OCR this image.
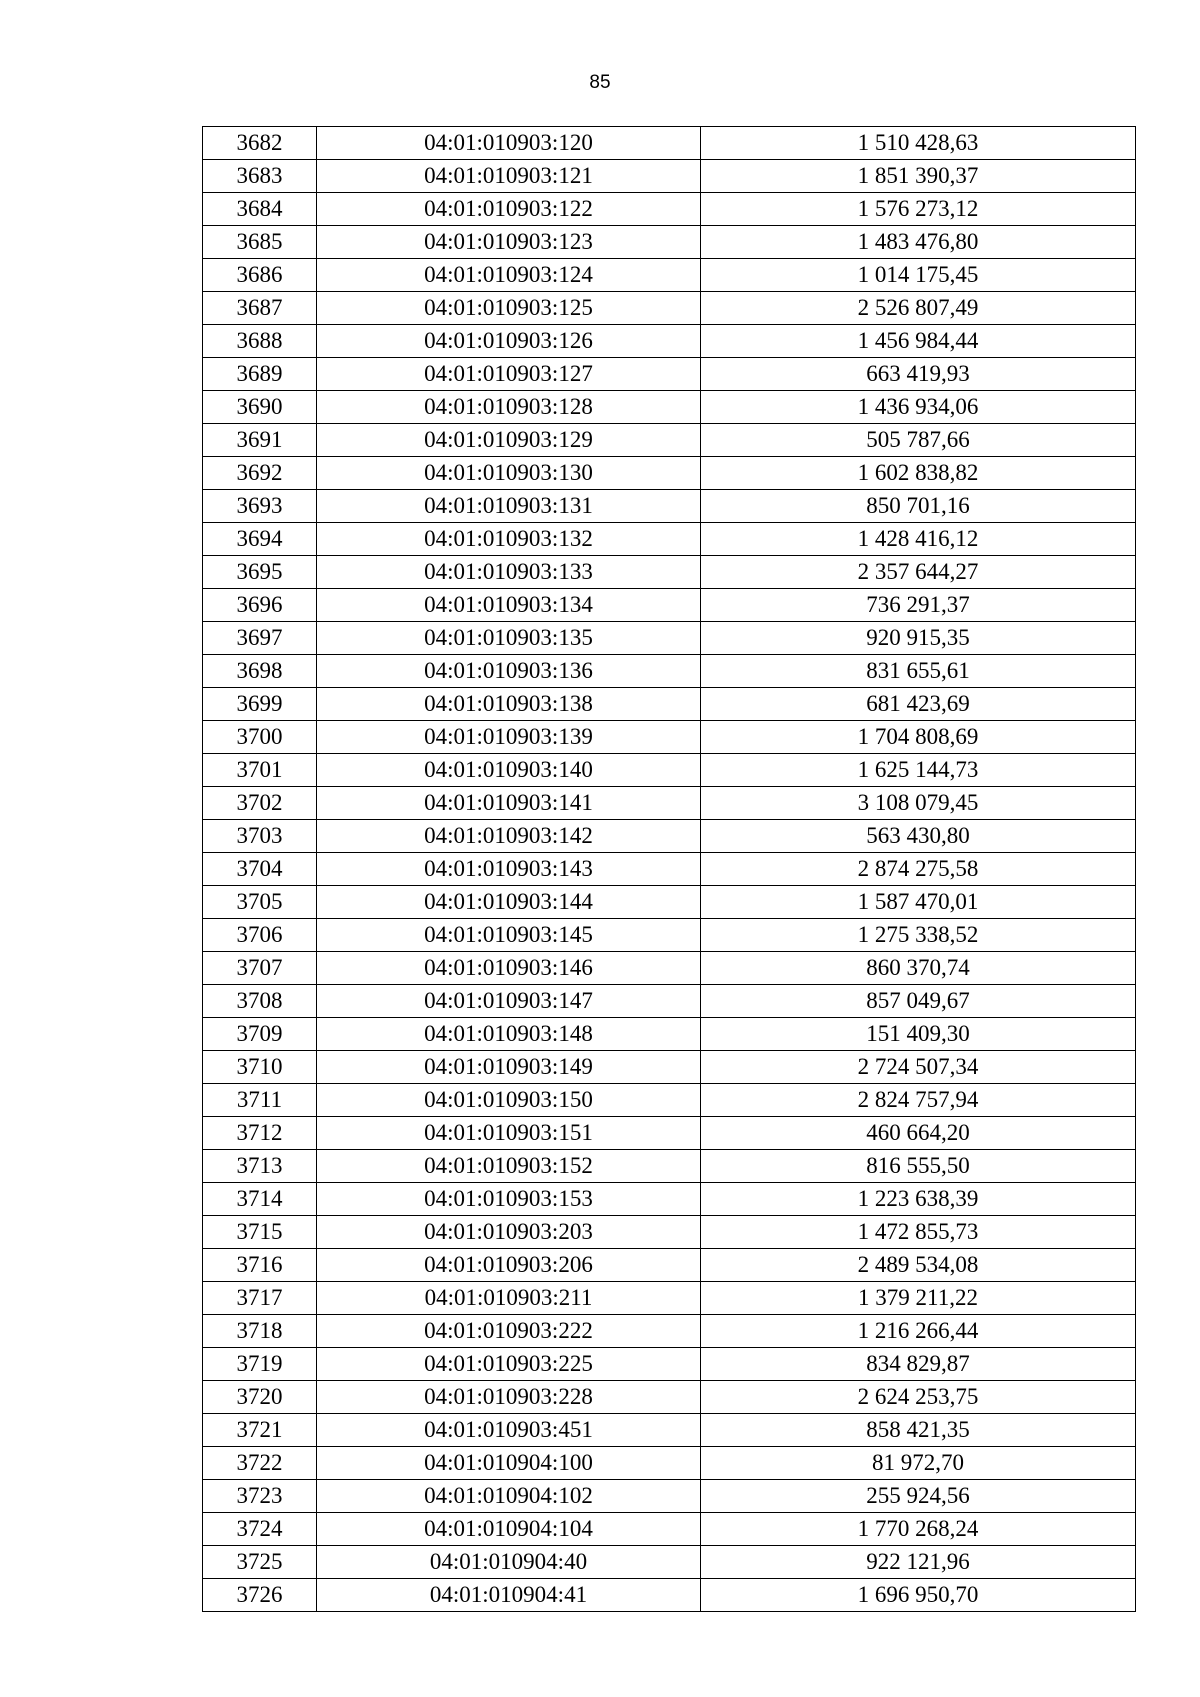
85
3682	04:01:010903:120	1 510 428,63
3683	04:01:010903:121	1 851 390,37
3684	04:01:010903:122	1 576 273,12
3685	04:01:010903:123	1 483 476,80
3686	04:01:010903:124	1 014 175,45
3687	04:01:010903:125	2 526 807,49
3688	04:01:010903:126	1 456 984,44
3689	04:01:010903:127	663 419,93
3690	04:01:010903:128	1 436 934,06
3691	04:01:010903:129	505 787,66
3692	04:01:010903:130	1 602 838,82
3693	04:01:010903:131	850 701,16
3694	04:01:010903:132	1 428 416,12
3695	04:01:010903:133	2 357 644,27
3696	04:01:010903:134	736 291,37
3697	04:01:010903:135	920 915,35
3698	04:01:010903:136	831 655,61
3699	04:01:010903:138	681 423,69
3700	04:01:010903:139	1 704 808,69
3701	04:01:010903:140	1 625 144,73
3702	04:01:010903:141	3 108 079,45
3703	04:01:010903:142	563 430,80
3704	04:01:010903:143	2 874 275,58
3705	04:01:010903:144	1 587 470,01
3706	04:01:010903:145	1 275 338,52
3707	04:01:010903:146	860 370,74
3708	04:01:010903:147	857 049,67
3709	04:01:010903:148	151 409,30
3710	04:01:010903:149	2 724 507,34
3711	04:01:010903:150	2 824 757,94
3712	04:01:010903:151	460 664,20
3713	04:01:010903:152	816 555,50
3714	04:01:010903:153	1 223 638,39
3715	04:01:010903:203	1 472 855,73
3716	04:01:010903:206	2 489 534,08
3717	04:01:010903:211	1 379 211,22
3718	04:01:010903:222	1 216 266,44
3719	04:01:010903:225	834 829,87
3720	04:01:010903:228	2 624 253,75
3721	04:01:010903:451	858 421,35
3722	04:01:010904:100	81 972,70
3723	04:01:010904:102	255 924,56
3724	04:01:010904:104	1 770 268,24
3725	04:01:010904:40	922 121,96
3726	04:01:010904:41	1 696 950,70
